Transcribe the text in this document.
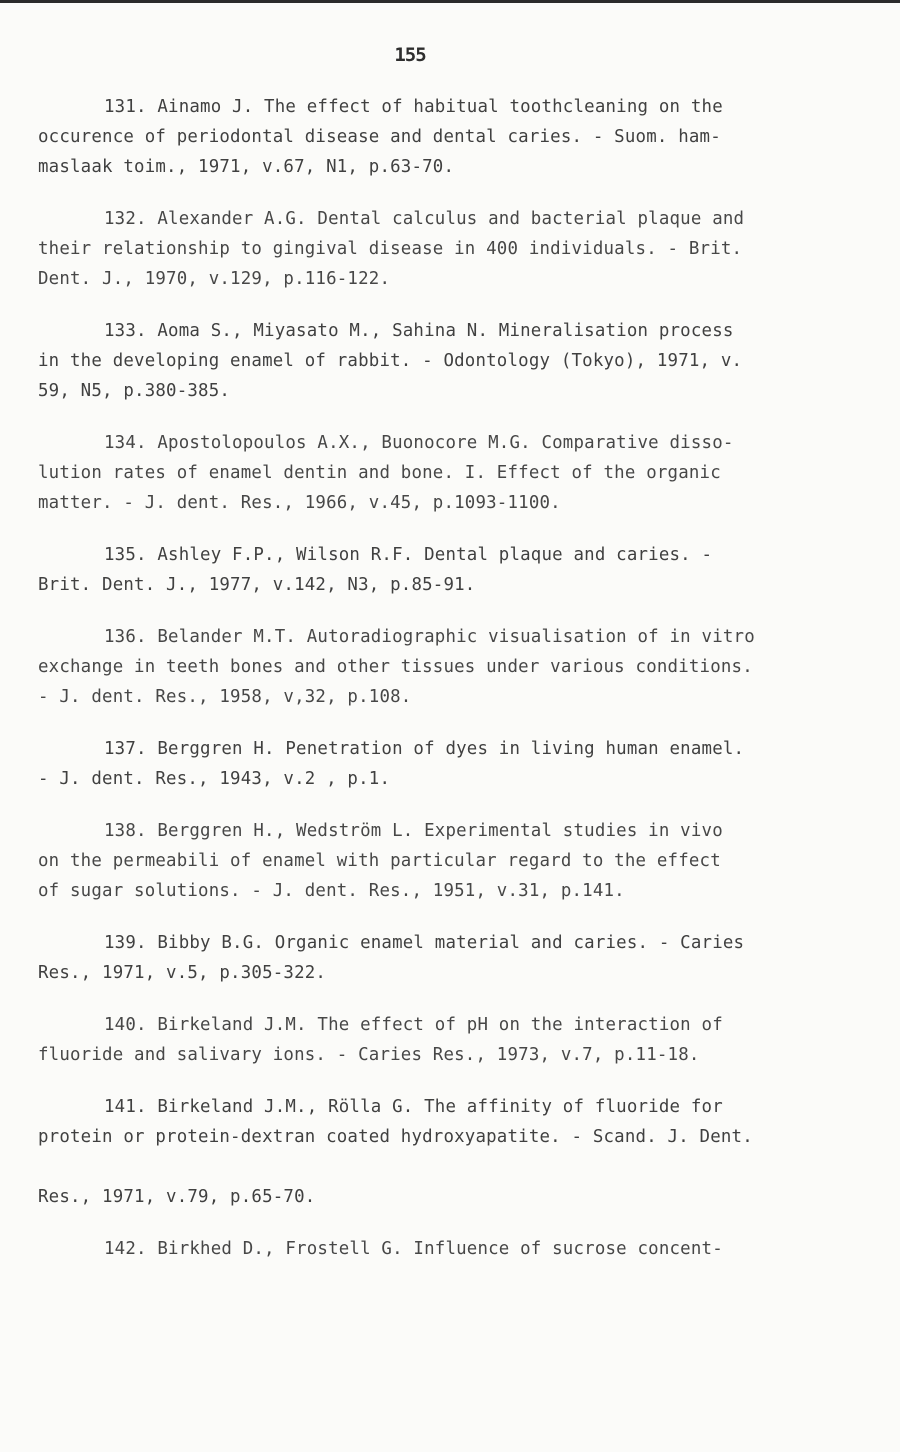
155
131. Ainamo J. The effect of habitual toothcleaning on the
occurence of periodontal disease and dental caries. - Suom. ham-
maslaak toim., 1971, v.67, N1, p.63-70.
132. Alexander A.G. Dental calculus and bacterial plaque and
their relationship to gingival disease in 400 individuals. - Brit.
Dent. J., 1970, v.129, p.116-122.
133. Aoma S., Miyasato M., Sahina N. Mineralisation process
in the developing enamel of rabbit. - Odontology (Tokyo), 1971, v.
59, N5, p.380-385.
134. Apostolopoulos A.X., Buonocore M.G. Comparative disso-
lution rates of enamel dentin and bone. I. Effect of the organic
matter. - J. dent. Res., 1966, v.45, p.1093-1100.
135. Ashley F.P., Wilson R.F. Dental plaque and caries. -
Brit. Dent. J., 1977, v.142, N3, p.85-91.
136. Belander M.T. Autoradiographic visualisation of in vitro
exchange in teeth bones and other tissues under various conditions.
- J. dent. Res., 1958, v,32, p.108.
137. Berggren H. Penetration of dyes in living human enamel.
- J. dent. Res., 1943, v.2 , p.1.
138. Berggren H., Wedström L. Experimental studies in vivo
on the permeabili of enamel with particular regard to the effect
of sugar solutions. - J. dent. Res., 1951, v.31, p.141.
139. Bibby B.G. Organic enamel material and caries. - Caries
Res., 1971, v.5, p.305-322.
140. Birkeland J.M. The effect of pH on the interaction of
fluoride and salivary ions. - Caries Res., 1973, v.7, p.11-18.
141. Birkeland J.M., Rölla G. The affinity of fluoride for
protein or protein-dextran coated hydroxyapatite. - Scand. J. Dent.

Res., 1971, v.79, p.65-70.
142. Birkhed D., Frostell G. Influence of sucrose concent-
